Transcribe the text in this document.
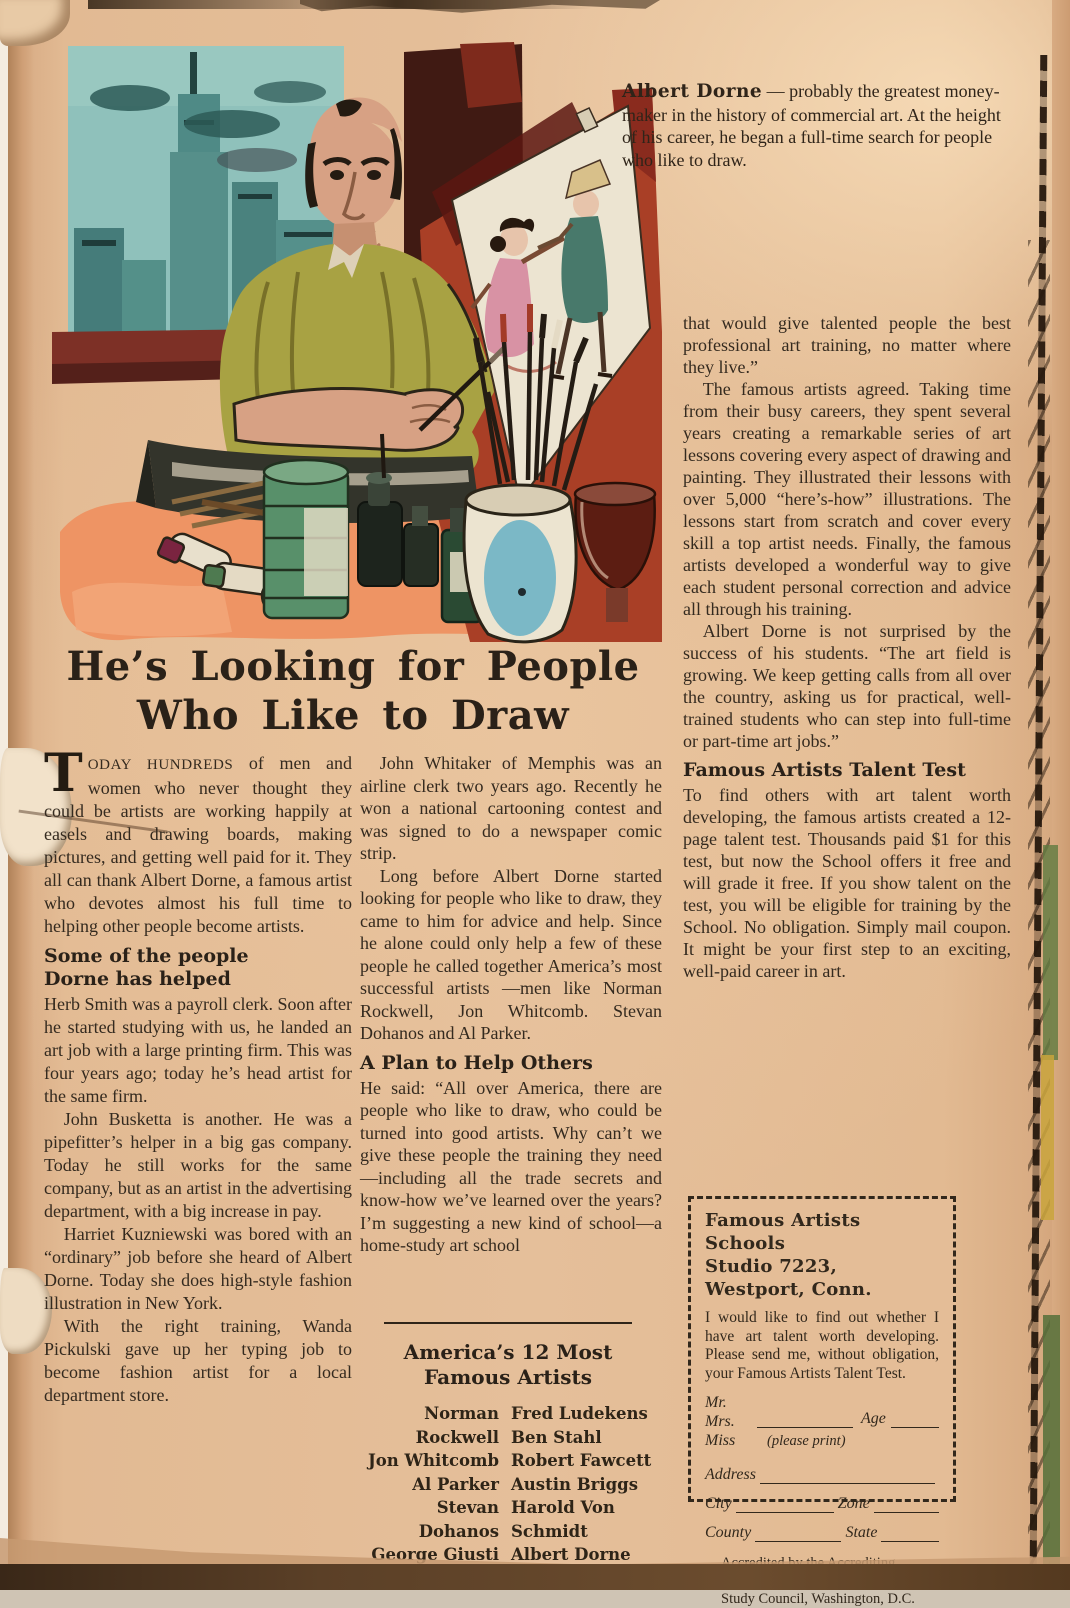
Albert Dorne — probably the greatest money-maker in the history of commercial art. At the height of his career, he began a full-time search for people who like to draw.
He’s Looking for People
Who Like to Draw

TODAY HUNDREDS of men and women who never thought they could be artists are working happily at easels and drawing boards, making pictures, and getting well paid for it. They all can thank Albert Dorne, a famous artist who devotes almost his full time to helping other people become artists.

Some of the people
Dorne has helped

Herb Smith was a payroll clerk. Soon after he started studying with us, he landed an art job with a large printing firm. This was four years ago; today he’s head artist for the same firm.

John Busketta is another. He was a pipefitter’s helper in a big gas company. Today he still works for the same company, but as an artist in the advertising department, with a big increase in pay.

Harriet Kuzniewski was bored with an “ordinary” job before she heard of Albert Dorne. Today she does high-style fashion illustration in New York.

With the right training, Wanda Pickulski gave up her typing job to become fashion artist for a local department store.

John Whitaker of Memphis was an airline clerk two years ago. Recently he won a national cartooning contest and was signed to do a newspaper comic strip.

Long before Albert Dorne started looking for people who like to draw, they came to him for advice and help. Since he alone could only help a few of these people he called together America’s most successful artists —men like Norman Rockwell, Jon Whitcomb. Stevan Dohanos and Al Parker.

A Plan to Help Others

He said: “All over America, there are people who like to draw, who could be turned into good artists. Why can’t we give these people the training they need—including all the trade secrets and know-how we’ve learned over the years? I’m suggesting a new kind of school—a home-study art school

that would give talented people the best professional art training, no matter where they live.”

The famous artists agreed. Taking time from their busy careers, they spent several years creating a remarkable series of art lessons covering every aspect of drawing and painting. They illustrated their lessons with over 5,000 “here’s-how” illustrations. The lessons start from scratch and cover every skill a top artist needs. Finally, the famous artists developed a wonderful way to give each student personal correction and advice all through his training.

Albert Dorne is not surprised by the success of his students. “The art field is growing. We keep getting calls from all over the country, asking us for practical, well-trained students who can step into full-time or part-time art jobs.”

Famous Artists Talent Test

To find others with art talent worth developing, the famous artists created a 12-page talent test. Thousands paid $1 for this test, but now the School offers it free and will grade it free. If you show talent on the test, you will be eligible for training by the School. No obligation. Simply mail coupon. It might be your first step to an exciting, well-paid career in art.

America’s 12 Most
Famous Artists
Norman Rockwell
Jon Whitcomb
Al Parker
Stevan Dohanos
George Giusti
Fred Ludekens
Ben Stahl
Robert Fawcett
Austin Briggs
Harold Von Schmidt
Albert Dorne
Famous Artists Schools
Studio 7223, Westport, Conn.
I would like to find out whether I have art talent worth developing. Please send me, without obligation, your Famous Artists Talent Test.
Mr.
Mrs.
Miss
Age
(please print)
Address
City	Zone
County	State
Study Council, Washington, D.C.
